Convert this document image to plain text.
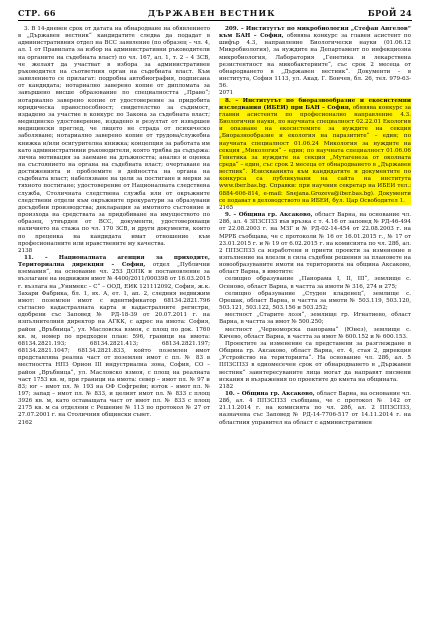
СТР. 66	ДЪРЖАВЕН ВЕСТНИК	БРОЙ 24

3. В 14-дневен срок от датата на обнародване на обявлението в „Държавен вестник“ кандидатите следва да подадат в административния отдел на ВСС заявление (по образец – чл. 4, ал. 1 от Правилата за избор на административни ръководители на органите на съдебната власт) по чл. 167, ал. 1, т. 2 – 4 ЗСВ, че желаят да участват в избора за административен ръководител на съответния орган на съдебната власт. Към заявлението се прилагат: подробна автобиография, подписана от кандидата; нотариално заверено копие от дипломата за завършено висше образование по специалността „Право“; нотариално заверено копие от удостоверение за придобита юридическа правоспособност; свидетелство за съдимост, издадено за участие в конкурс по Закона за съдебната власт; медицинско удостоверение, издадено в резултат от извършен медицински преглед, че лицето не страда от психическо заболяване; нотариално заверено копие от трудова/служебна книжка и/или осигурителна книжка; концепция за работата им като административни ръководители, която трябва да съдържа: лична мотивация за заемане на длъжността; анализ и оценка на състоянието на органа на съдебната власт; очертаване на достиженията и проблемите в дейността на органа на съдебната власт; набелязване на цели за постигане и мерки за тяхното постигане; удостоверение от Националната следствена служба, Столичната следствена служба или от окръжните следствени отдели към окръжните прокуратури за образувани досъдебни производства; декларация за имотното състояние и произхода на средствата за придобиване на имуществото по образец, утвърден от ВСС, документи, удостоверяващи наличието на стажа по чл. 170 ЗСВ, и други документи, които по преценка на кандидата имат отношение към професионалните или нравствените му качества.

2138

11. – Националната агенция за приходите, Териториална дирекция – София, отдел „Публични вземания“, на основание чл. 253 ДОПК и постановление за възлагане на недвижим имот № 4400/2011/000398 от 16.03.2015 г. възлага на „Унимекс – С“ – ООД, ЕИК 121112092, София, ж.к. Захари Фабрика, бл. 1, вх. А, ет. 1, ап. 2, следния недвижим имот: поземлен имот с идентификатор 68134.2821.796 съгласно кадастралната карта и кадастралните регистри, одобрени със Заповед № РД-18-39 от 20.07.2011 г. на изпълнителния директор на АГКК, с адрес на имота: София, район „Връбница“, ул. Масловска взмоя, с площ по док. 1760 кв. м, номер по предходен план: 596, граници на имота: 68134.2821.193; 68134.2821.413; 68134.2821.197; 68134.2821.1047; 68134.2821.833, който поземлен имот представлява реална част от поземлен имот с пл. № 83 в местността НПЗ Орион III индустриална зона, София, СО – район „Връбница“, ул. Масловско взмоя, с площ на реалната част 1753 кв. м, при граници на имота: север – имот пл. № 97 и 83; юг – имот пл. № 193 на ОФ Софгрейн; изток – имот пл. № 197; запад – имот пл. № 833, и целият имот пл. № 833 с площ 3926 кв. м, като оставащата част от имот пл. № 833 с площ 2175 кв. м са отделени с Решение № 113 по протокол № 27 от 27.07.2001 г. на Столичния общински съвет.

2162

209. – Институтът по микробиология „Стефан Ангелов“ към БАН – София, обявява конкурс за главен асистент по шифър 4.3, направление Биологически науки (01.06.12 Микробиология), за нуждите на Департамент по инфекциозна микробиология, Лаборатория „Генетика и лекарствена резистентност на микобактериите“, със срок 2 месеца от обнародването в „Държавен вестник“. Документи – в института, София 1113, ул. Акад. Г. Бончев, бл. 26, тел. 979-63-56.

2071

8. – Институтът по биоразнообразие и екосистемни изследвания (ИБЕИ) при БАН – София, обявява конкурс за главни асистенти по професионално направление 4.3. Биологични науки, по научната специалност 02.22.01 Екология и опазване на екосистемите за нуждите на секция „Биоразнообразие и екология на паразитите“ – един; по научната специалност 01.06.24 Микология за нуждите на секция „Микология“ – един; по научната специалност 01.06.06 Генетика за нуждите на секция „Мутагенеза от околната среда“ – един, със срок 2 месеца от обнародването в „Държавен вестник“. Изискванията към кандидатите и документите по конкурса са публикувани на сайта на института www.iber.bas.bg. Справки: при научния секретар на ИБЕИ тел.: 0884-606-814, e-mail: Snejana.Grozeva@iber.bas.bg). Документи се подават в деловодството на ИБЕИ, бул. Цар Освободител 1.

2165

9. – Община гр. Аксаково, област Варна, на основание чл. 28б, ал. 4 ЗПЗСПЗЗ във връзка с т. 4.16 от заповед № РД-46-494 от 22.08.2003 г. на МЗГ и № РД-02-14-454 от 22.08.2003 г. на МРРБ съобщава, че с протоколи № 16 от 16.01.2015 г., № 17 от 23.01.2015 г. и № 19 от 6.02.2015 г. на комисията по чл. 28б, ал. 2 ППЗСПЗЗ са изработени и приети проекти за изменение в изпълнение на влезли в сила съдебни решения за плановете на новообразуваните имоти на територията на община Аксаково, област Варна, в имотите:

селищно образувание „Панорама I, II, III“, землище с. Осеново, област Варна, в частта за имоти № 316, 274 и 275;

селищно образувание „Студен кладенец“, землище с. Орешак, област Варна, в частта за имоти № 503.119, 503.120, 503.121, 503.122, 503.156 и 503.252;

местност „Старите лозя“, землище гр. Игнатиево, област Варна, в частта за имот № 500.250;

местност „Черноморска панорама“ (Юнез), землище с. Кичево, област Варна, в частта за имот № 600.152 и № 600.153.

Проектите за изменение са представени за разглеждане в Община гр. Аксаково, област Варна, ет. 4, стая 2, дирекция „Устройство на територията“. На основание чл. 28б, ал. 5 ППЗСПЗЗ в едномесечен срок от обнародването в „Държавен вестник“ заинтересуваните лица могат да направят писмени искания и възражения по проектите до кмета на общината.

2182

10. – Община гр. Аксаково, област Варна, на основание чл. 28б, ал. 4 ППЗСПЗЗ съобщава, че с протокол № 142 от 21.11.2014 г. на комисията по чл. 28б, ал. 2 ППЗСПЗЗ, назначена със Заповед № РД-14-7706-517 от 14.11.2014 г. на областния управител на област с административен
